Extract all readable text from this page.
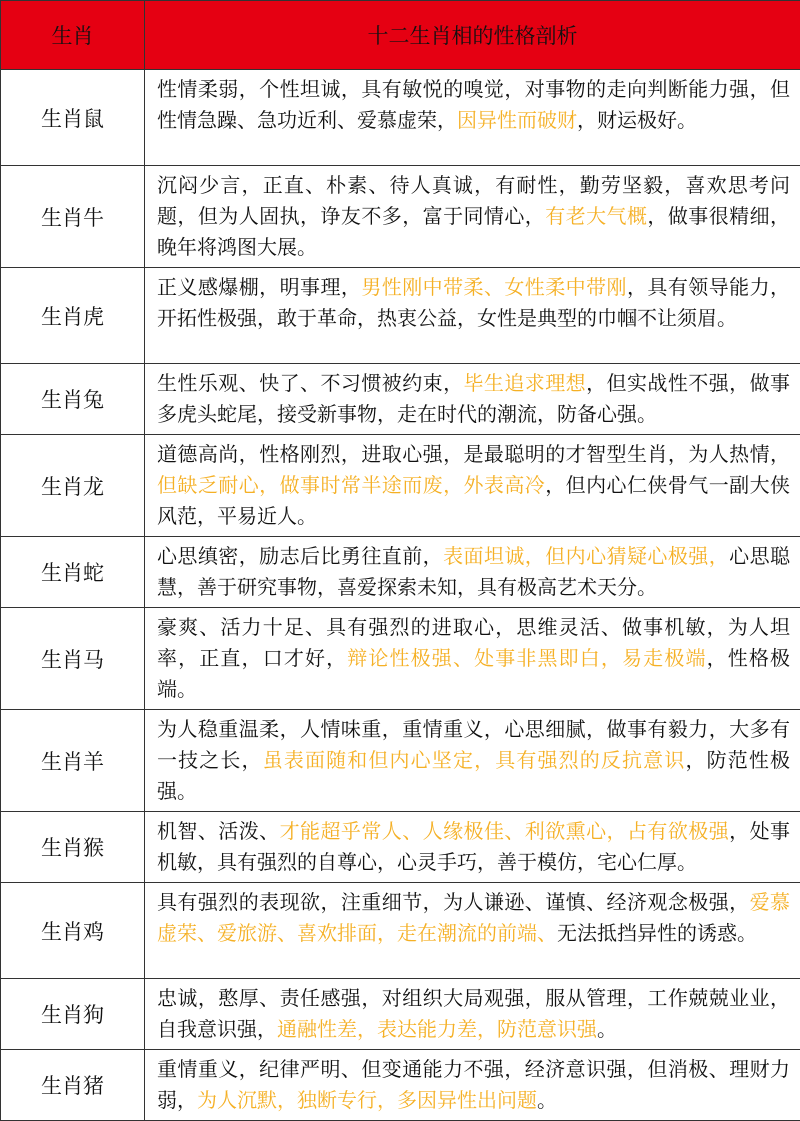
生肖	十二生肖相的性格剖析
生肖鼠	性情柔弱，个性坦诚，具有敏悦的嗅觉，对事物的走向判断能力强，但性情急躁、急功近利、爱慕虚荣，因异性而破财，财运极好。
生肖牛	沉闷少言，正直、朴素、待人真诚，有耐性，勤劳坚毅，喜欢思考问题，但为人固执，诤友不多，富于同情心，有老大气概，做事很精细，晚年将鸿图大展。
生肖虎	正义感爆棚，明事理，男性刚中带柔、女性柔中带刚，具有领导能力，开拓性极强，敢于革命，热衷公益，女性是典型的巾帼不让须眉。
生肖兔	生性乐观、快了、不习惯被约束，毕生追求理想，但实战性不强，做事多虎头蛇尾，接受新事物，走在时代的潮流，防备心强。
生肖龙	道德高尚，性格刚烈，进取心强，是最聪明的才智型生肖，为人热情，但缺乏耐心，做事时常半途而废，外表高冷，但内心仁侠骨气一副大侠风范，平易近人。
生肖蛇	心思缜密，励志后比勇往直前，表面坦诚，但内心猜疑心极强，心思聪慧，善于研究事物，喜爱探索未知，具有极高艺术天分。
生肖马	豪爽、活力十足、具有强烈的进取心，思维灵活、做事机敏，为人坦率，正直，口才好，辩论性极强、处事非黑即白，易走极端，性格极端。
生肖羊	为人稳重温柔，人情味重，重情重义，心思细腻，做事有毅力，大多有一技之长，虽表面随和但内心坚定，具有强烈的反抗意识，防范性极强。
生肖猴	机智、活泼、才能超乎常人、人缘极佳、利欲熏心，占有欲极强，处事机敏，具有强烈的自尊心，心灵手巧，善于模仿，宅心仁厚。
生肖鸡	具有强烈的表现欲，注重细节，为人谦逊、谨慎、经济观念极强，爱慕虚荣、爱旅游、喜欢排面，走在潮流的前端、无法抵挡异性的诱惑。
生肖狗	忠诚，憨厚、责任感强，对组织大局观强，服从管理，工作兢兢业业，自我意识强，通融性差，表达能力差，防范意识强。
生肖猪	重情重义，纪律严明、但变通能力不强，经济意识强，但消极、理财力弱，为人沉默，独断专行，多因异性出问题。
